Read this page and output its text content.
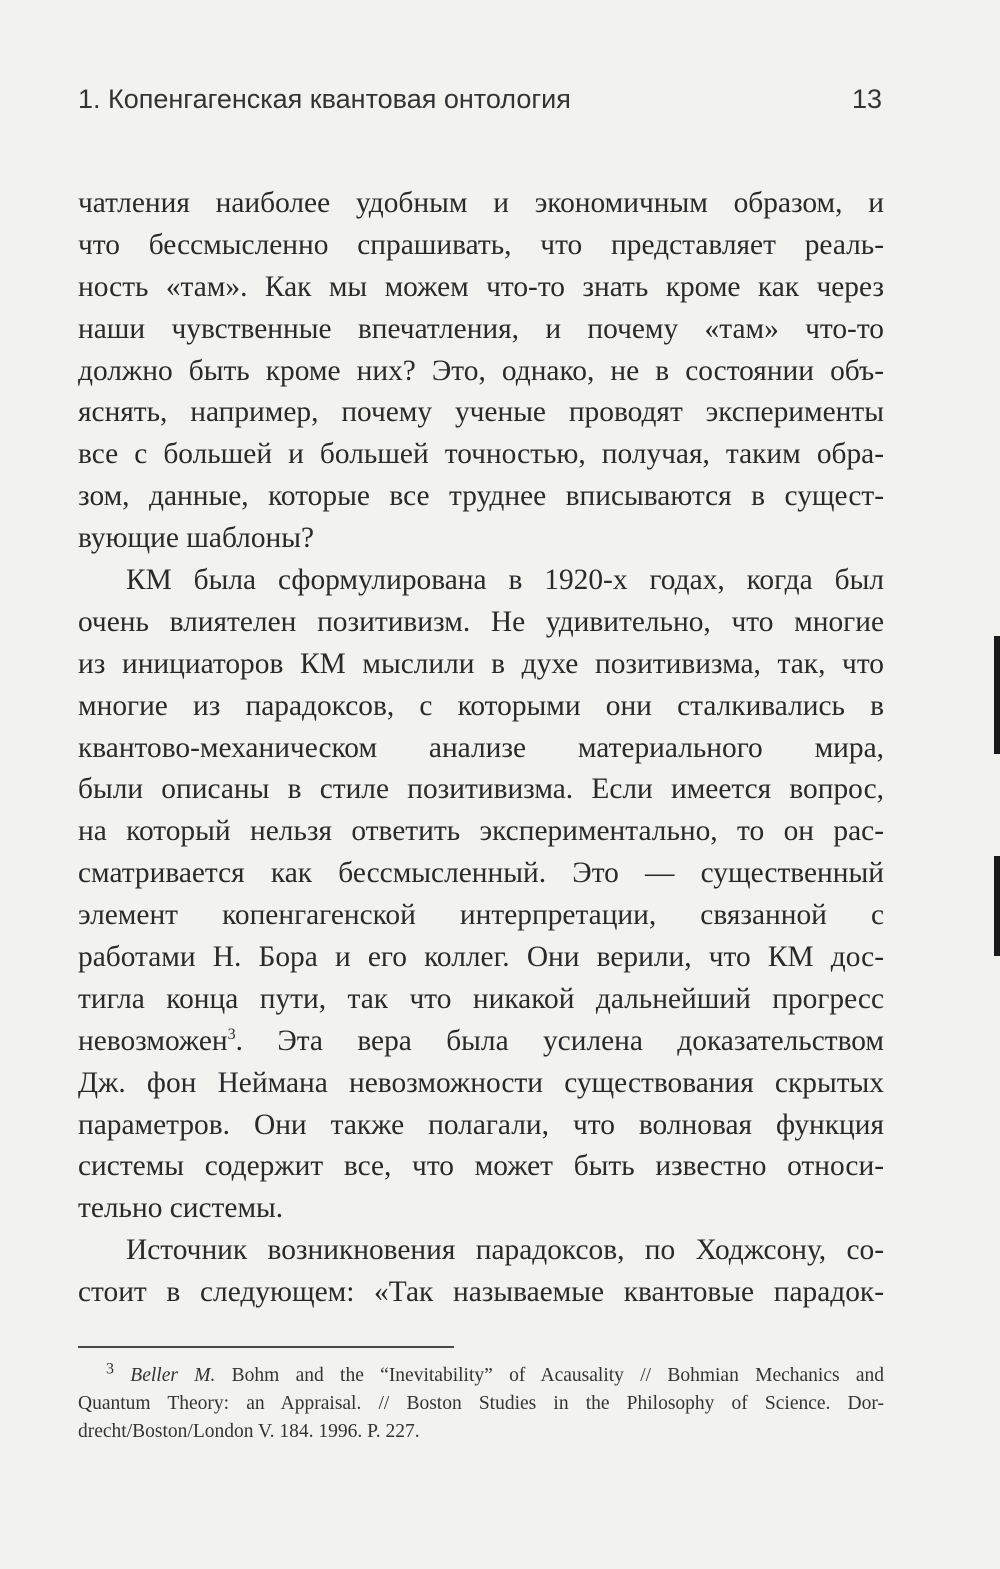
1. Копенгагенская квантовая онтология	13
чатления наиболее удобным и экономичным образом, и
что бессмысленно спрашивать, что представляет реаль-
ность «там». Как мы можем что-то знать кроме как через
наши чувственные впечатления, и почему «там» что-то
должно быть кроме них? Это, однако, не в состоянии объ-
яснять, например, почему ученые проводят эксперименты
все с большей и большей точностью, получая, таким обра-
зом, данные, которые все труднее вписываются в сущест-
вующие шаблоны?
КМ была сформулирована в 1920-х годах, когда был
очень влиятелен позитивизм. Не удивительно, что многие
из инициаторов КМ мыслили в духе позитивизма, так, что
многие из парадоксов, с которыми они сталкивались в
квантово-механическом анализе материального мира,
были описаны в стиле позитивизма. Если имеется вопрос,
на который нельзя ответить экспериментально, то он рас-
сматривается как бессмысленный. Это — существенный
элемент копенгагенской интерпретации, связанной с
работами Н. Бора и его коллег. Они верили, что КМ дос-
тигла конца пути, так что никакой дальнейший прогресс
невозможен$^3$. Эта вера была усилена доказательством
Дж. фон Неймана невозможности существования скрытых
параметров. Они также полагали, что волновая функция
системы содержит все, что может быть известно относи-
тельно системы.
Источник возникновения парадоксов, по Ходжсону, со-
стоит в следующем: «Так называемые квантовые парадок-
$^3$ Beller M. Bohm and the “Inevitability” of Acausality // Bohmian Mechanics and
Quantum Theory: an Appraisal. // Boston Studies in the Philosophy of Science. Dor-
drecht/Boston/London V. 184. 1996. P. 227.
